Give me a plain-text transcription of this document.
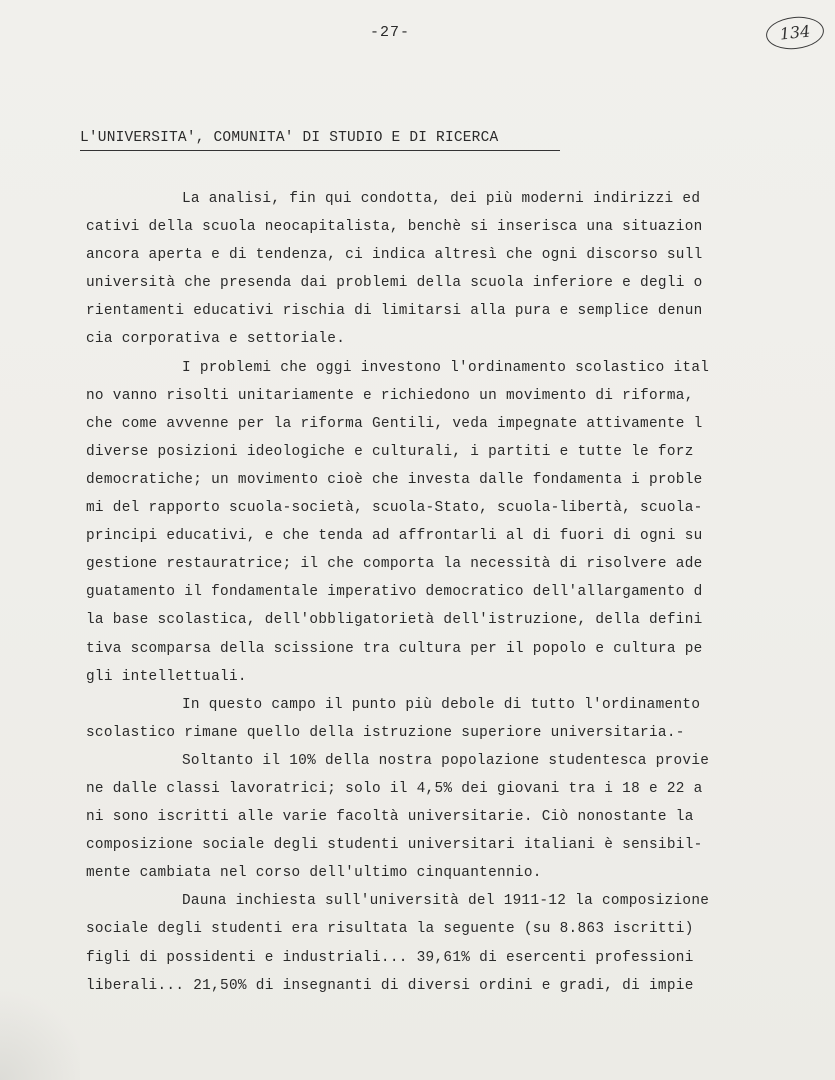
-27-	134
L'UNIVERSITA', COMUNITA' DI STUDIO E DI RICERCA
La analisi, fin qui condotta, dei più moderni indirizzi ed
cativi della scuola neocapitalista, benchè si inserisca una situazion
ancora aperta e di tendenza, ci indica altresì che ogni discorso sull
università che presenda dai problemi della scuola inferiore e degli o
rientamenti educativi rischia di limitarsi alla pura e semplice denun
cia corporativa e settoriale.
I problemi che oggi investono l'ordinamento scolastico ital
no vanno risolti unitariamente e richiedono un movimento di riforma,
che come avvenne per la riforma Gentili, veda impegnate attivamente l
diverse posizioni ideologiche e culturali, i partiti e tutte le forz
democratiche; un movimento cioè che investa dalle fondamenta i proble
mi del rapporto scuola-società, scuola-Stato, scuola-libertà, scuola-
principi educativi, e che tenda ad affrontarli al di fuori di ogni su
gestione restauratrice; il che comporta la necessità di risolvere ade
guatamento il fondamentale imperativo democratico dell'allargamento d
la base scolastica, dell'obbligatorietà dell'istruzione, della defini
tiva scomparsa della scissione tra cultura per il popolo e cultura pe
gli intellettuali.
In questo campo il punto più debole di tutto l'ordinamento
scolastico rimane quello della istruzione superiore universitaria.-
Soltanto il 10% della nostra popolazione studentesca provie
ne dalle classi lavoratrici; solo il 4,5% dei giovani tra i 18 e 22 a
ni sono iscritti alle varie facoltà universitarie. Ciò nonostante la
composizione sociale degli studenti universitari italiani è sensibil-
mente cambiata nel corso dell'ultimo cinquantennio.
Dauna inchiesta sull'università del 1911-12 la composizione
sociale degli studenti era risultata la seguente (su 8.863 iscritti)
figli di possidenti e industriali... 39,61% di esercenti professioni
liberali... 21,50% di insegnanti di diversi ordini e gradi, di impie
